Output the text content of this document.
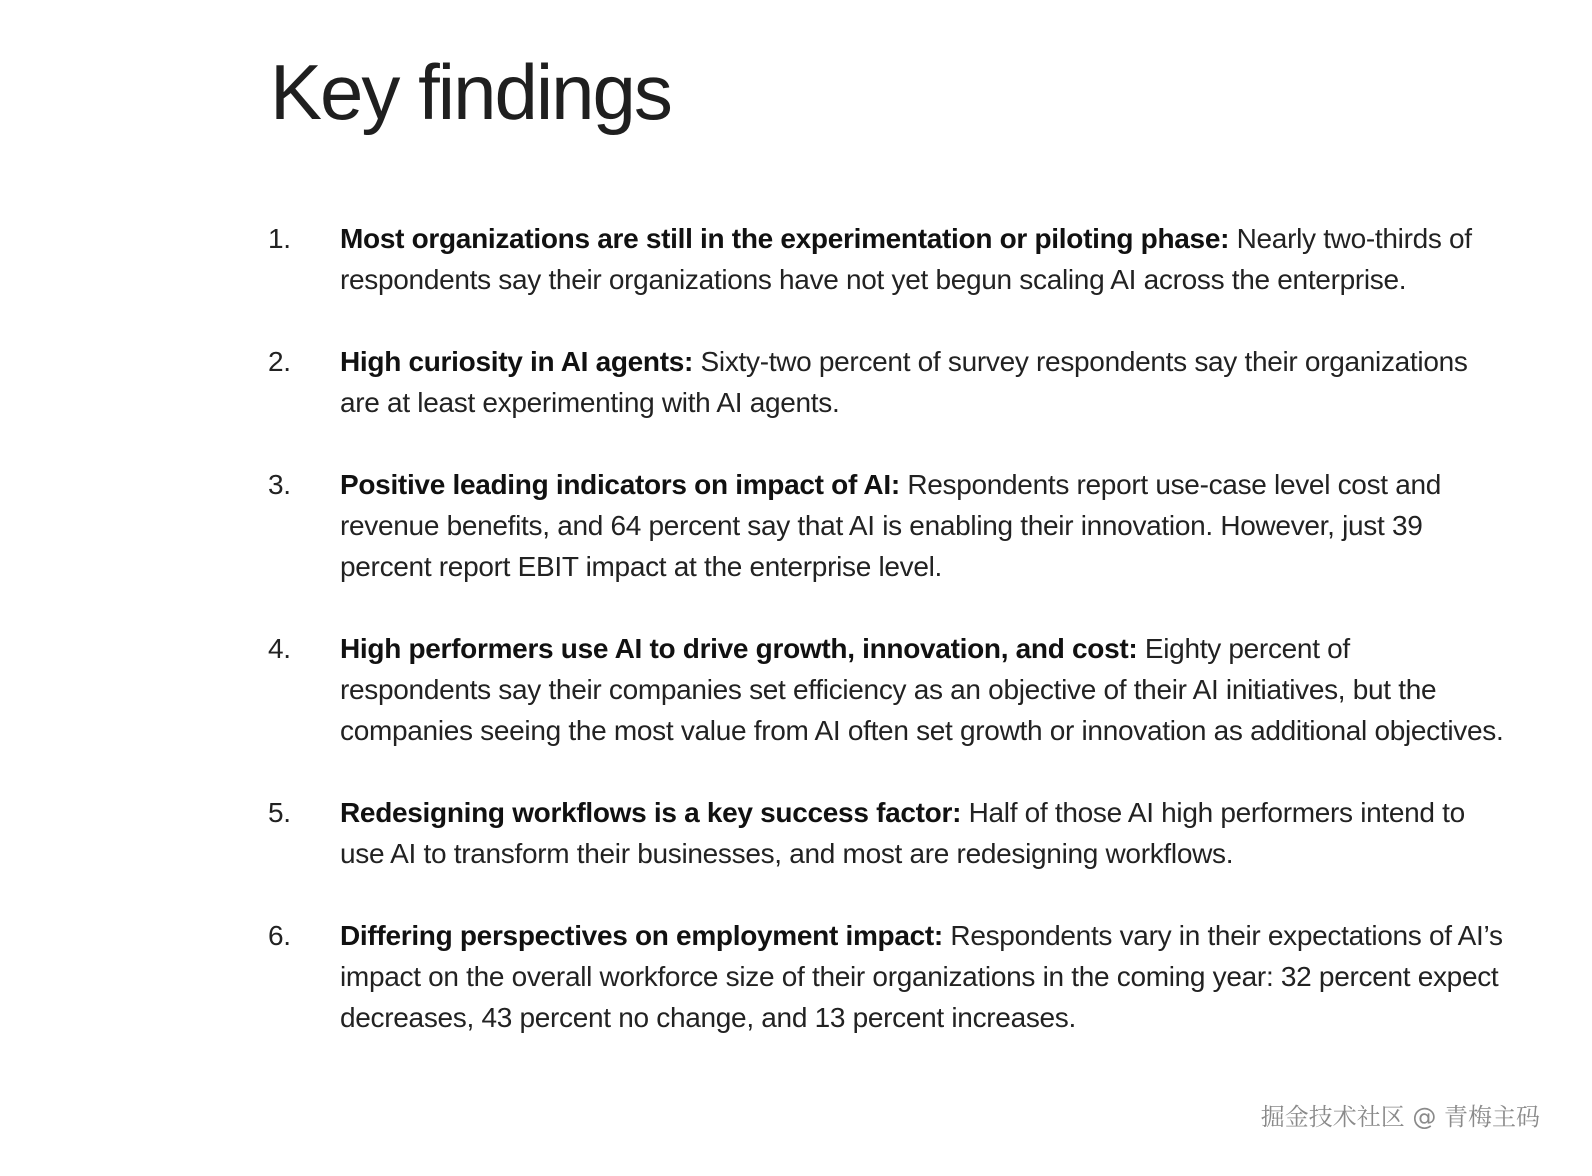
Key findings
1. Most organizations are still in the experimentation or piloting phase: Nearly two-thirds of respondents say their organizations have not yet begun scaling AI across the enterprise.
2. High curiosity in AI agents: Sixty-two percent of survey respondents say their organizations are at least experimenting with AI agents.
3. Positive leading indicators on impact of AI: Respondents report use-case level cost and revenue benefits, and 64 percent say that AI is enabling their innovation. However, just 39 percent report EBIT impact at the enterprise level.
4. High performers use AI to drive growth, innovation, and cost: Eighty percent of respondents say their companies set efficiency as an objective of their AI initiatives, but the companies seeing the most value from AI often set growth or innovation as additional objectives.
5. Redesigning workflows is a key success factor: Half of those AI high performers intend to use AI to transform their businesses, and most are redesigning workflows.
6. Differing perspectives on employment impact: Respondents vary in their expectations of AI’s impact on the overall workforce size of their organizations in the coming year: 32 percent expect decreases, 43 percent no change, and 13 percent increases.
掘金技术社区 @ 青梅主码
